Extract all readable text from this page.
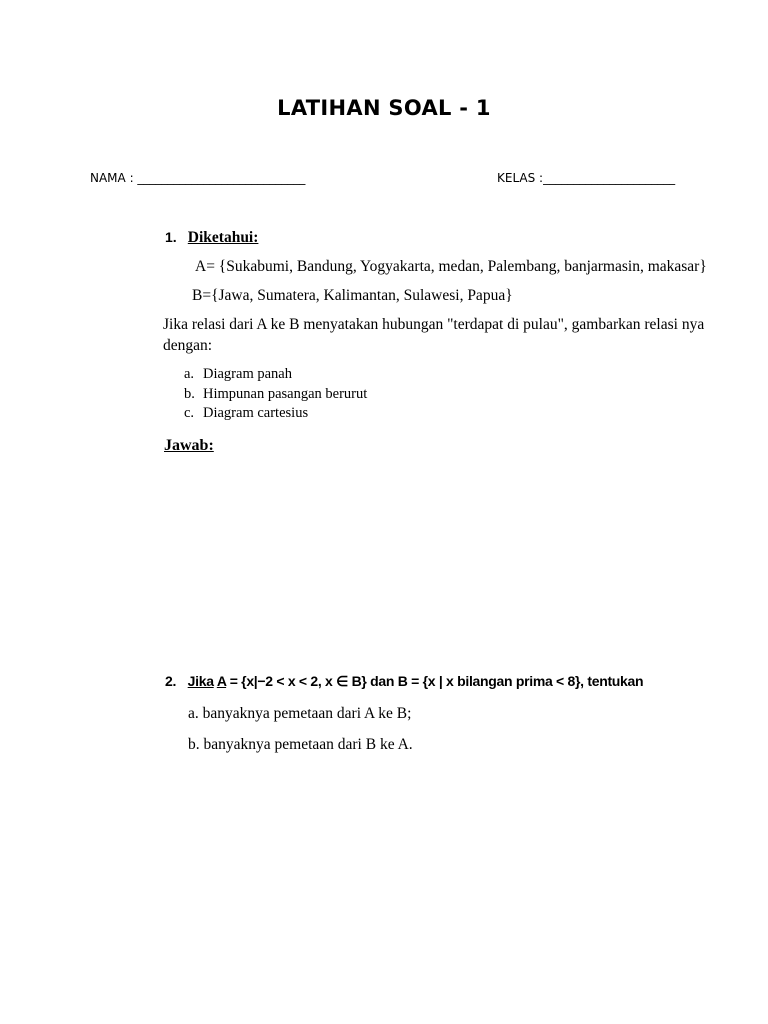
LATIHAN SOAL - 1
NAMA : ____________________________	KELAS :______________________
1. Diketahui:
A= {Sukabumi, Bandung, Yogyakarta, medan, Palembang, banjarmasin, makasar}
B={Jawa, Sumatera, Kalimantan, Sulawesi, Papua}
Jika relasi dari A ke B menyatakan hubungan "terdapat di pulau", gambarkan relasi nya
dengan:
a. Diagram panah
b. Himpunan pasangan berurut
c. Diagram cartesius
Jawab:
2. Jika A = {x|−2 < x < 2, x ∈ B} dan B = {x | x bilangan prima < 8}, tentukan
a. banyaknya pemetaan dari A ke B;
b. banyaknya pemetaan dari B ke A.
